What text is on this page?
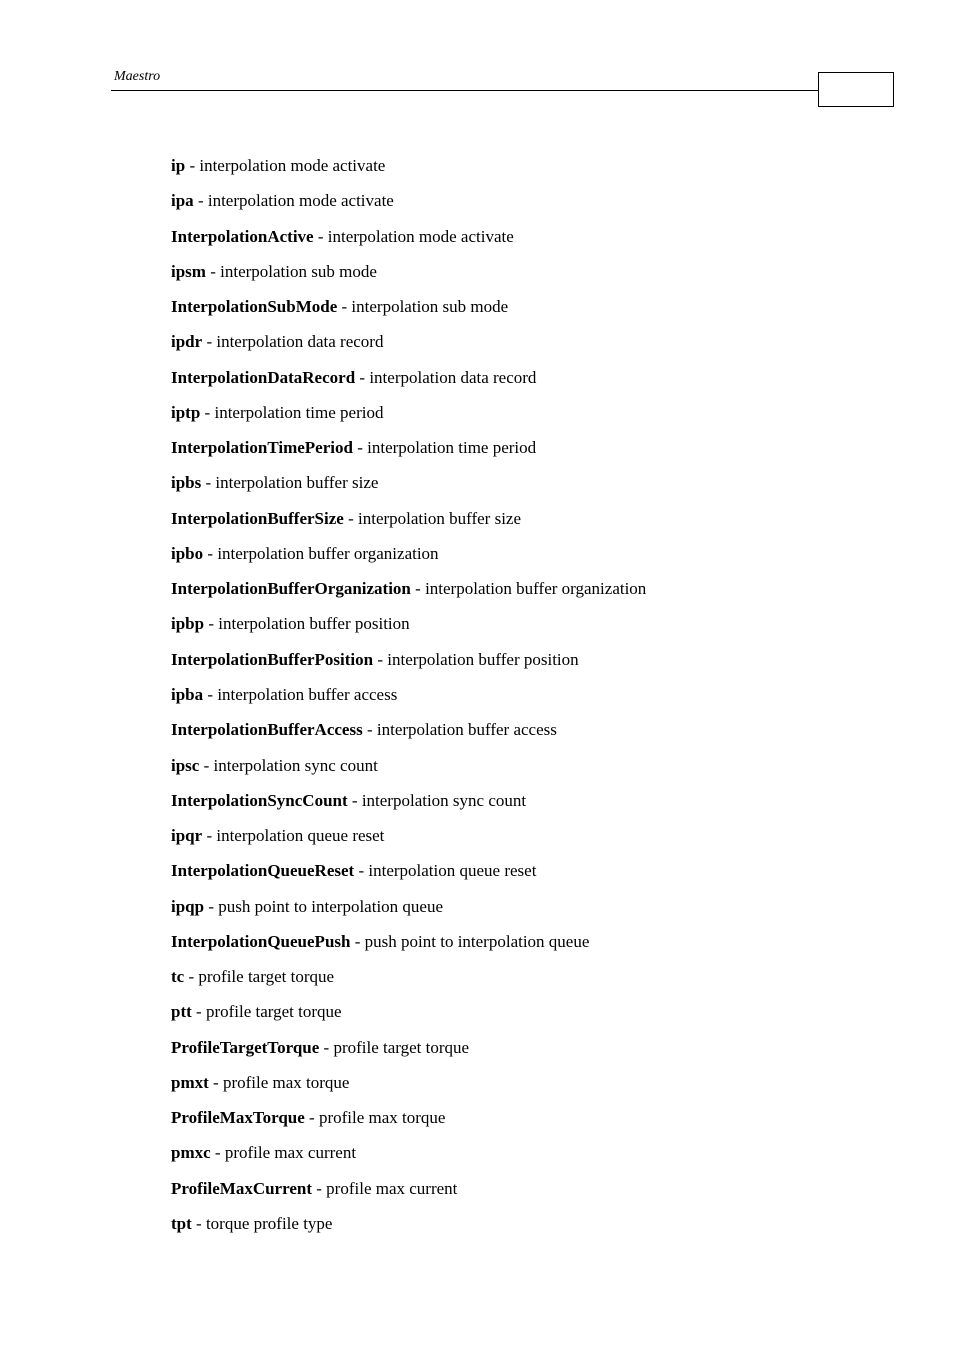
Maestro
ip - interpolation mode activate
ipa - interpolation mode activate
InterpolationActive - interpolation mode activate
ipsm - interpolation sub mode
InterpolationSubMode - interpolation sub mode
ipdr - interpolation data record
InterpolationDataRecord - interpolation data record
iptp - interpolation time period
InterpolationTimePeriod - interpolation time period
ipbs - interpolation buffer size
InterpolationBufferSize - interpolation buffer size
ipbo - interpolation buffer organization
InterpolationBufferOrganization - interpolation buffer organization
ipbp - interpolation buffer position
InterpolationBufferPosition - interpolation buffer position
ipba - interpolation buffer access
InterpolationBufferAccess - interpolation buffer access
ipsc - interpolation sync count
InterpolationSyncCount - interpolation sync count
ipqr - interpolation queue reset
InterpolationQueueReset - interpolation queue reset
ipqp - push point to interpolation queue
InterpolationQueuePush - push point to interpolation queue
tc - profile target torque
ptt - profile target torque
ProfileTargetTorque - profile target torque
pmxt - profile max torque
ProfileMaxTorque - profile max torque
pmxc - profile max current
ProfileMaxCurrent - profile max current
tpt - torque profile type
